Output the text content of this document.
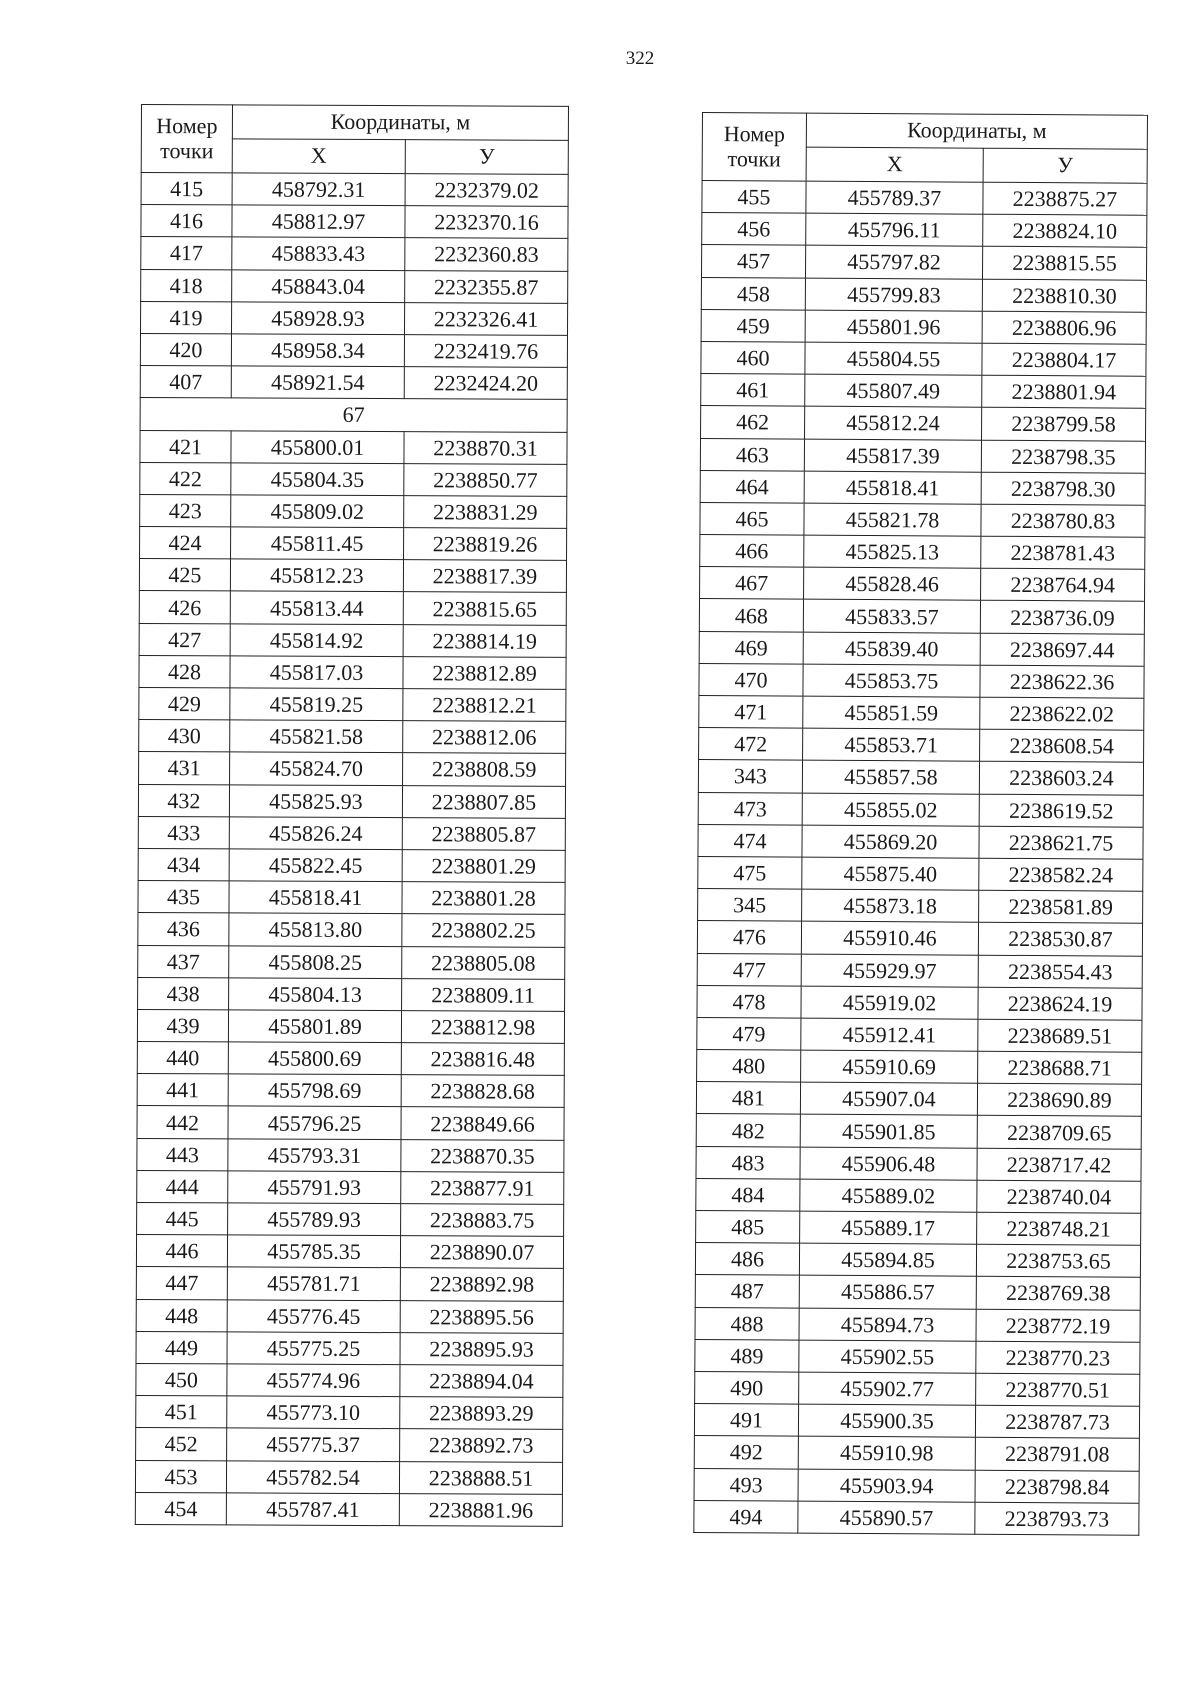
322
Номер
точки	Координаты, м	
	X	У
415	458792.31	2232379.02
416	458812.97	2232370.16
417	458833.43	2232360.83
418	458843.04	2232355.87
419	458928.93	2232326.41
420	458958.34	2232419.76
407	458921.54	2232424.20
67		
421	455800.01	2238870.31
422	455804.35	2238850.77
423	455809.02	2238831.29
424	455811.45	2238819.26
425	455812.23	2238817.39
426	455813.44	2238815.65
427	455814.92	2238814.19
428	455817.03	2238812.89
429	455819.25	2238812.21
430	455821.58	2238812.06
431	455824.70	2238808.59
432	455825.93	2238807.85
433	455826.24	2238805.87
434	455822.45	2238801.29
435	455818.41	2238801.28
436	455813.80	2238802.25
437	455808.25	2238805.08
438	455804.13	2238809.11
439	455801.89	2238812.98
440	455800.69	2238816.48
441	455798.69	2238828.68
442	455796.25	2238849.66
443	455793.31	2238870.35
444	455791.93	2238877.91
445	455789.93	2238883.75
446	455785.35	2238890.07
447	455781.71	2238892.98
448	455776.45	2238895.56
449	455775.25	2238895.93
450	455774.96	2238894.04
451	455773.10	2238893.29
452	455775.37	2238892.73
453	455782.54	2238888.51
454	455787.41	2238881.96
Номер
точки	Координаты, м	
	X	У
455	455789.37	2238875.27
456	455796.11	2238824.10
457	455797.82	2238815.55
458	455799.83	2238810.30
459	455801.96	2238806.96
460	455804.55	2238804.17
461	455807.49	2238801.94
462	455812.24	2238799.58
463	455817.39	2238798.35
464	455818.41	2238798.30
465	455821.78	2238780.83
466	455825.13	2238781.43
467	455828.46	2238764.94
468	455833.57	2238736.09
469	455839.40	2238697.44
470	455853.75	2238622.36
471	455851.59	2238622.02
472	455853.71	2238608.54
343	455857.58	2238603.24
473	455855.02	2238619.52
474	455869.20	2238621.75
475	455875.40	2238582.24
345	455873.18	2238581.89
476	455910.46	2238530.87
477	455929.97	2238554.43
478	455919.02	2238624.19
479	455912.41	2238689.51
480	455910.69	2238688.71
481	455907.04	2238690.89
482	455901.85	2238709.65
483	455906.48	2238717.42
484	455889.02	2238740.04
485	455889.17	2238748.21
486	455894.85	2238753.65
487	455886.57	2238769.38
488	455894.73	2238772.19
489	455902.55	2238770.23
490	455902.77	2238770.51
491	455900.35	2238787.73
492	455910.98	2238791.08
493	455903.94	2238798.84
494	455890.57	2238793.73
